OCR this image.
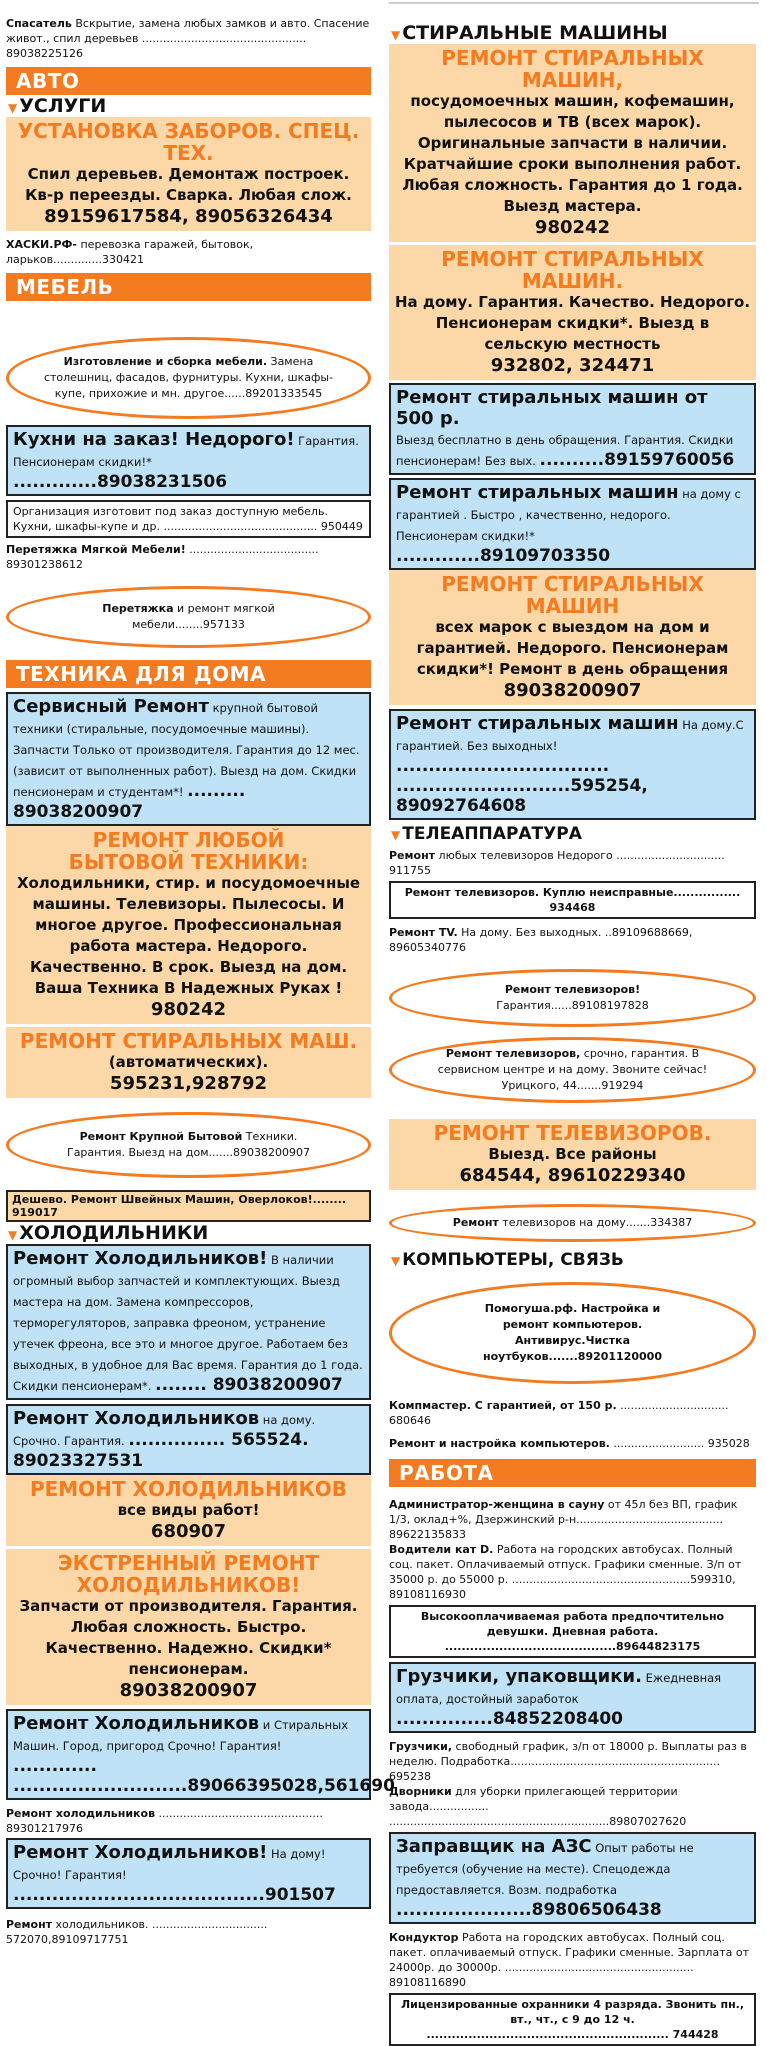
Спасатель Вскрытие, замена любых замков и авто. Спасение живот., спил деревьев ............................................... 89038225126

АВТО
▼ УСЛУГИ
УСТАНОВКА ЗАБОРОВ. СПЕЦ. ТЕХ.
Спил деревьев. Демонтаж построек.
Кв-р переезды. Сварка. Любая слож.
89159617584, 89056326434

ХАСКИ.РФ- перевозка гаражей, бытовок, ларьков..............330421

МЕБЕЛЬ
Изготовление и сборка мебели. Замена столешниц, фасадов, фурнитуры. Кухни, шкафы-купе, прихожие и мн. другое......89201333545
Кухни на заказ! Недорого! Гарантия. Пенсионерам скидки!* .............89038231506
Организация изготовит под заказ доступную мебель. Кухни, шкафы-купе и др. ............................................ 950449

Перетяжка Мягкой Мебели! ..................................... 89301238612

Перетяжка и ремонт мягкой мебели........957133
ТЕХНИКА ДЛЯ ДОМА
Сервисный Ремонт крупной бытовой техники (стиральные, посудомоечные машины). Запчасти Только от производителя. Гарантия до 12 мес. (зависит от выполненных работ). Выезд на дом. Скидки пенсионерам и студентам*! ......... 89038200907
РЕМОНТ ЛЮБОЙ
БЫТОВОЙ ТЕХНИКИ:
Холодильники, стир. и посудомоечные машины. Телевизоры. Пылесосы. И многое другое. Профессиональная работа мастера. Недорого. Качественно. В срок. Выезд на дом. Ваша Техника В Надежных Руках !
980242
РЕМОНТ СТИРАЛЬНЫХ МАШ.
(автоматических).
595231,928792
Ремонт Крупной Бытовой Техники. Гарантия. Выезд на дом.......89038200907
Дешево. Ремонт Швейных Машин, Оверлоков!........ 919017
▼ ХОЛОДИЛЬНИКИ
Ремонт Холодильников! В наличии огромный выбор запчастей и комплектующих. Выезд мастера на дом. Замена компрессоров, терморегуляторов, заправка фреоном, устранение утечек фреона, все это и многое другое. Работаем без выходных, в удобное для Вас время. Гарантия до 1 года. Скидки пенсионерам*. ........ 89038200907
Ремонт Холодильников на дому. Срочно. Гарантия. ............... 565524. 89023327531
РЕМОНТ ХОЛОДИЛЬНИКОВ
все виды работ!
680907
ЭКСТРЕННЫЙ РЕМОНТ
ХОЛОДИЛЬНИКОВ!
Запчасти от производителя. Гарантия. Любая сложность. Быстро. Качественно. Надежно. Скидки* пенсионерам.
89038200907
Ремонт Холодильников и Стиральных Машин. Город, пригород Срочно! Гарантия! ............. ...........................89066395028,561690

Ремонт холодильников ............................................... 89301217976

Ремонт Холодильников! На дому! Срочно! Гарантия! .......................................901507

Ремонт холодильников. ................................. 572070,89109717751

▼ СТИРАЛЬНЫЕ МАШИНЫ
РЕМОНТ СТИРАЛЬНЫХ МАШИН,
посудомоечных машин, кофемашин, пылесосов и ТВ (всех марок). Оригинальные запчасти в наличии. Кратчайшие сроки выполнения работ. Любая сложность. Гарантия до 1 года. Выезд мастера.
980242
РЕМОНТ СТИРАЛЬНЫХ МАШИН.
На дому. Гарантия. Качество. Недорого. Пенсионерам скидки*. Выезд в сельскую местность
932802, 324471
Ремонт стиральных машин от 500 р.
Выезд бесплатно в день обращения. Гарантия. Скидки пенсионерам! Без вых. ..........89159760056
Ремонт стиральных машин на дому с гарантией . Быстро , качественно, недорого. Пенсионерам скидки!* .............89109703350
РЕМОНТ СТИРАЛЬНЫХ МАШИН
всех марок с выездом на дом и гарантией. Недорого. Пенсионерам скидки*! Ремонт в день обращения
89038200907
Ремонт стиральных машин На дому.С гарантией. Без выходных! ................................. ...........................595254, 89092764608
▼ ТЕЛЕАППАРАТУРА

Ремонт любых телевизоров Недорого ............................... 911755

Ремонт телевизоров. Куплю неисправные................ 934468

Ремонт TV. На дому. Без выходных. ..89109688669, 89605340776

Ремонт телевизоров!
Гарантия......89108197828
Ремонт телевизоров, срочно, гарантия. В сервисном центре и на дому. Звоните сейчас! Урицкого, 44.......919294
РЕМОНТ ТЕЛЕВИЗОРОВ.
Выезд. Все районы
684544, 89610229340
Ремонт телевизоров на дому.......334387
▼ КОМПЬЮТЕРЫ, СВЯЗЬ
Помогуша.рф. Настройка и ремонт компьютеров. Антивирус.Чистка ноутбуков.......89201120000

Компмастер. С гарантией, от 150 р. ............................... 680646

Ремонт и настройка компьютеров. .......................... 935028

РАБОТА

Администратор-женщина в сауну от 45л без ВП, график 1/3, оклад+%, Дзержинский р-н.......................................... 89622135833

Водители кат D. Работа на городских автобусах. Полный соц. пакет. Оплачиваемый отпуск. Графики сменные. З/п от 35000 р. до 55000 р. ...................................................599310, 89108116930

Высокооплачиваемая работа предпочтительно девушки. Дневная работа. .........................................89644823175
Грузчики, упаковщики. Ежедневная оплата, достойный заработок ...............84852208400

Грузчики, свободный график, з/п от 18000 р. Выплаты раз в неделю. Подработка............................................................ 695238

Дворники для уборки прилегающей территории завода................. ...............................................................89807027620

Заправщик на АЗС Опыт работы не требуется (обучение на месте). Спецодежда предоставляется. Возм. подработка .....................89806506438

Кондуктор Работа на городских автобусах. Полный соц. пакет. оплачиваемый отпуск. Графики сменные. Зарплата от 24000р. до 30000р. ...................................................... 89108116890

Лицензированные охранники 4 разряда. Звонить пн., вт., чт., с 9 до 12 ч. .......................................................... 744428
